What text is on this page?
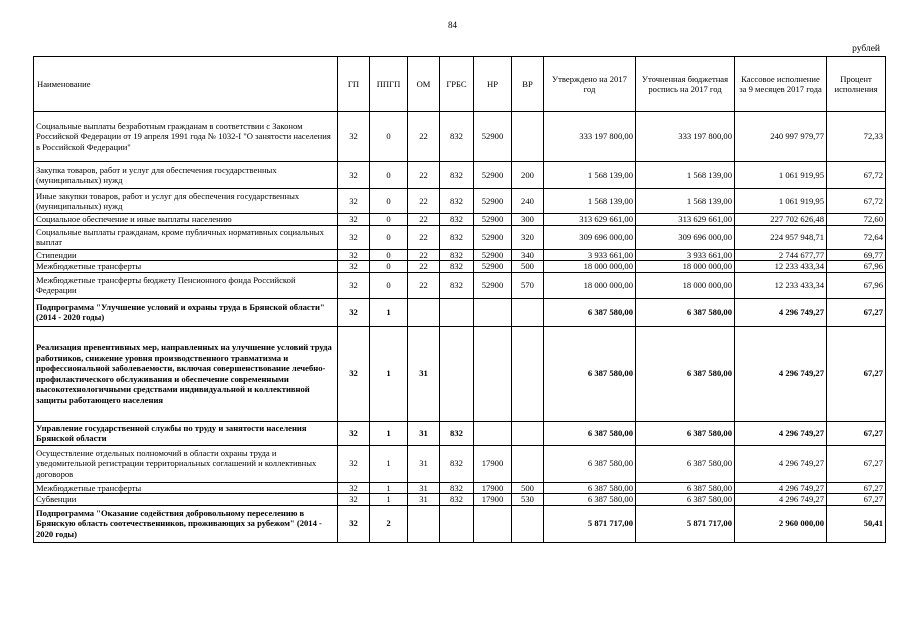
84
рублей
Наименование	ГП	ППГП	ОМ	ГРБС	НР	ВР	Утверждено на 2017 год	Уточненная бюджетная роспись на 2017 год	Кассовое исполнение за 9 месяцев 2017 года	Процент исполнения
Социальные выплаты безработным гражданам в соответствии с Законом Российской Федерации от 19 апреля 1991 года № 1032-I "О занятости населения в Российской Федерации"	32	0	22	832	52900		333 197 800,00	333 197 800,00	240 997 979,77	72,33
Закупка товаров, работ и услуг для обеспечения государственных (муниципальных) нужд	32	0	22	832	52900	200	1 568 139,00	1 568 139,00	1 061 919,95	67,72
Иные закупки товаров, работ и услуг для обеспечения государственных (муниципальных) нужд	32	0	22	832	52900	240	1 568 139,00	1 568 139,00	1 061 919,95	67,72
Социальное обеспечение и иные выплаты населению	32	0	22	832	52900	300	313 629 661,00	313 629 661,00	227 702 626,48	72,60
Социальные выплаты гражданам, кроме публичных нормативных социальных выплат	32	0	22	832	52900	320	309 696 000,00	309 696 000,00	224 957 948,71	72,64
Стипендии	32	0	22	832	52900	340	3 933 661,00	3 933 661,00	2 744 677,77	69,77
Межбюджетные трансферты	32	0	22	832	52900	500	18 000 000,00	18 000 000,00	12 233 433,34	67,96
Межбюджетные трансферты бюджету Пенсионного фонда Российской Федерации	32	0	22	832	52900	570	18 000 000,00	18 000 000,00	12 233 433,34	67,96
Подпрограмма "Улучшение условий и охраны труда в Брянской области" (2014 - 2020 годы)	32	1					6 387 580,00	6 387 580,00	4 296 749,27	67,27
Реализация превентивных мер, направленных на улучшение условий труда работников, снижение уровня производственного травматизма и профессиональной заболеваемости, включая совершенствование лечебно-профилактического обслуживания и обеспечение современными высокотехнологичными средствами индивидуальной и коллективной защиты работающего населения	32	1	31				6 387 580,00	6 387 580,00	4 296 749,27	67,27
Управление государственной службы по труду и занятости населения Брянской области	32	1	31	832			6 387 580,00	6 387 580,00	4 296 749,27	67,27
Осуществление отдельных полномочий в области охраны труда и уведомительной регистрации территориальных соглашений и коллективных договоров	32	1	31	832	17900		6 387 580,00	6 387 580,00	4 296 749,27	67,27
Межбюджетные трансферты	32	1	31	832	17900	500	6 387 580,00	6 387 580,00	4 296 749,27	67,27
Субвенции	32	1	31	832	17900	530	6 387 580,00	6 387 580,00	4 296 749,27	67,27
Подпрограмма "Оказание содействия добровольному переселению в Брянскую область соотечественников, проживающих за рубежом" (2014 - 2020 годы)	32	2					5 871 717,00	5 871 717,00	2 960 000,00	50,41
